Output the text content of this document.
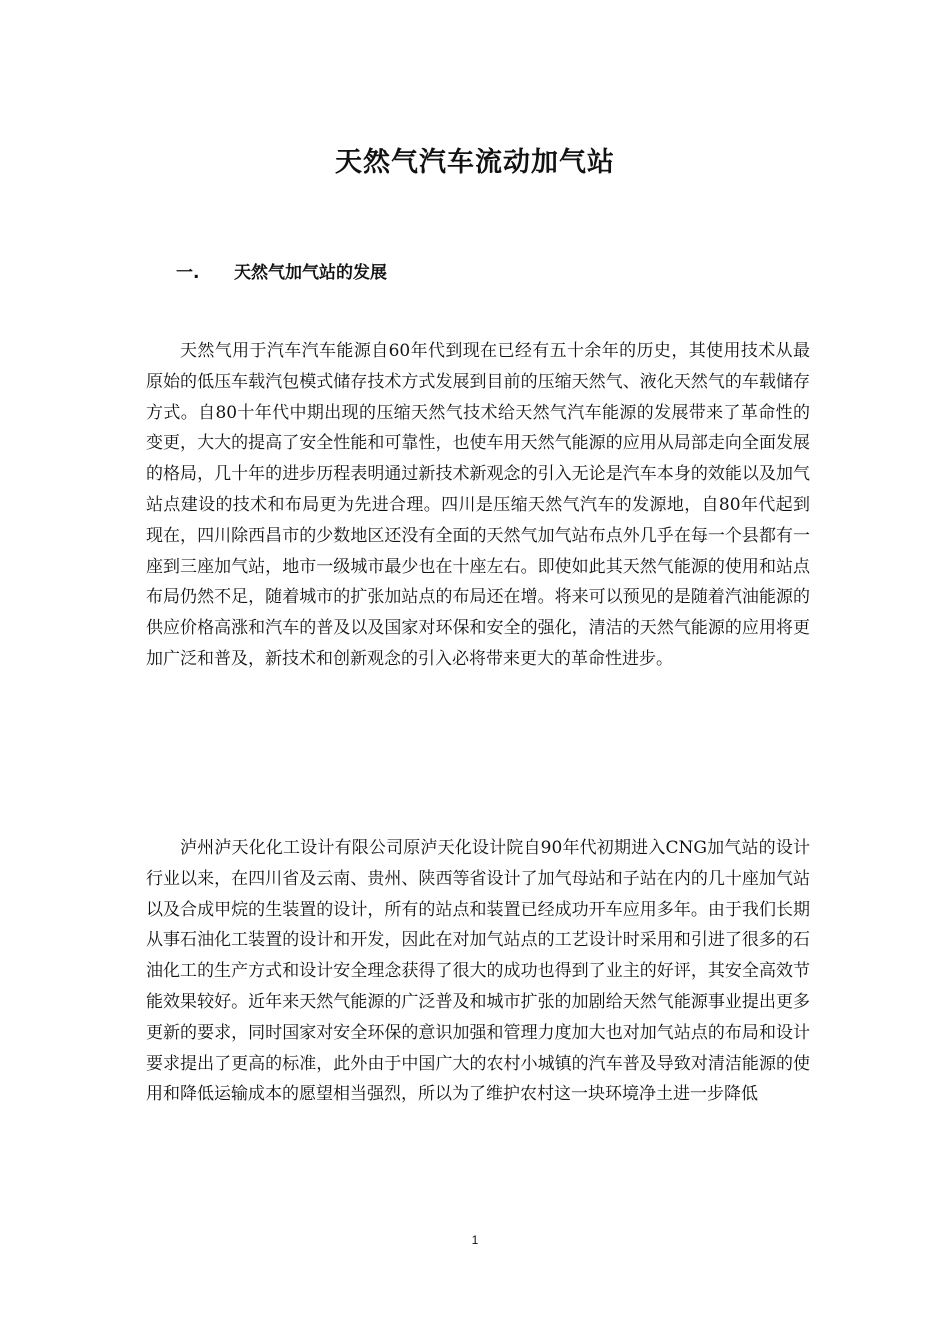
天然气汽车流动加气站
一. 天然气加气站的发展

天然气用于汽车汽车能源自60年代到现在已经有五十余年的历史，其使用技术从最原始的低压车载汽包模式储存技术方式发展到目前的压缩天然气、液化天然气的车载储存方式。自80十年代中期出现的压缩天然气技术给天然气汽车能源的发展带来了革命性的变更，大大的提高了安全性能和可靠性，也使车用天然气能源的应用从局部走向全面发展的格局，几十年的进步历程表明通过新技术新观念的引入无论是汽车本身的效能以及加气站点建设的技术和布局更为先进合理。四川是压缩天然气汽车的发源地，自80年代起到现在，四川除西昌市的少数地区还没有全面的天然气加气站布点外几乎在每一个县都有一座到三座加气站，地市一级城市最少也在十座左右。即使如此其天然气能源的使用和站点布局仍然不足，随着城市的扩张加站点的布局还在增。将来可以预见的是随着汽油能源的供应价格高涨和汽车的普及以及国家对环保和安全的强化，清洁的天然气能源的应用将更加广泛和普及，新技术和创新观念的引入必将带来更大的革命性进步。

泸州泸天化化工设计有限公司原泸天化设计院自90年代初期进入CNG加气站的设计行业以来，在四川省及云南、贵州、陕西等省设计了加气母站和子站在内的几十座加气站以及合成甲烷的生装置的设计，所有的站点和装置已经成功开车应用多年。由于我们长期从事石油化工装置的设计和开发，因此在对加气站点的工艺设计时采用和引进了很多的石油化工的生产方式和设计安全理念获得了很大的成功也得到了业主的好评，其安全高效节能效果较好。近年来天然气能源的广泛普及和城市扩张的加剧给天然气能源事业提出更多更新的要求，同时国家对安全环保的意识加强和管理力度加大也对加气站点的布局和设计要求提出了更高的标准，此外由于中国广大的农村小城镇的汽车普及导致对清洁能源的使用和降低运输成本的愿望相当强烈，所以为了维护农村这一块环境净土进一步降低

1
